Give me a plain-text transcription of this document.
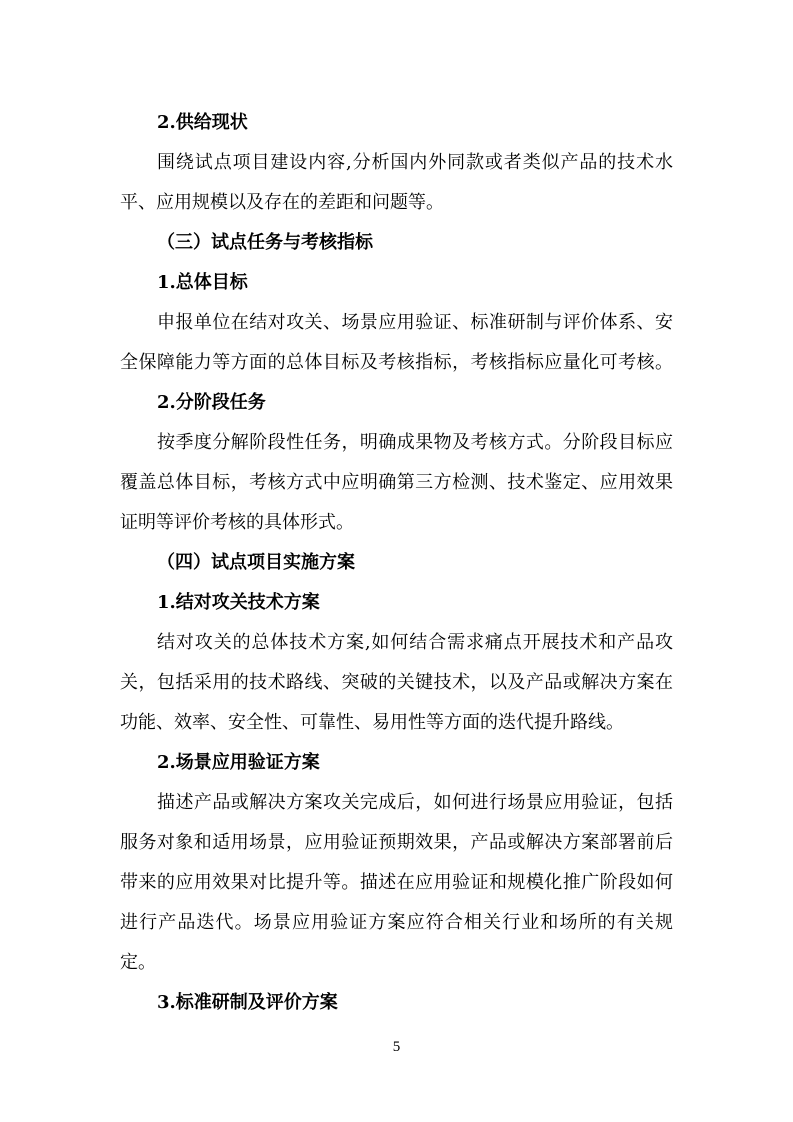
2.供给现状

围绕试点项目建设内容,分析国内外同款或者类似产品的技术水

平、应用规模以及存在的差距和问题等。

（三）试点任务与考核指标

1.总体目标

申报单位在结对攻关、场景应用验证、标准研制与评价体系、安

全保障能力等方面的总体目标及考核指标，考核指标应量化可考核。

2.分阶段任务

按季度分解阶段性任务，明确成果物及考核方式。分阶段目标应

覆盖总体目标，考核方式中应明确第三方检测、技术鉴定、应用效果

证明等评价考核的具体形式。

（四）试点项目实施方案

1.结对攻关技术方案

结对攻关的总体技术方案,如何结合需求痛点开展技术和产品攻

关，包括采用的技术路线、突破的关键技术，以及产品或解决方案在

功能、效率、安全性、可靠性、易用性等方面的迭代提升路线。

2.场景应用验证方案

描述产品或解决方案攻关完成后，如何进行场景应用验证，包括

服务对象和适用场景，应用验证预期效果，产品或解决方案部署前后

带来的应用效果对比提升等。描述在应用验证和规模化推广阶段如何

进行产品迭代。场景应用验证方案应符合相关行业和场所的有关规

定。

3.标准研制及评价方案

5
